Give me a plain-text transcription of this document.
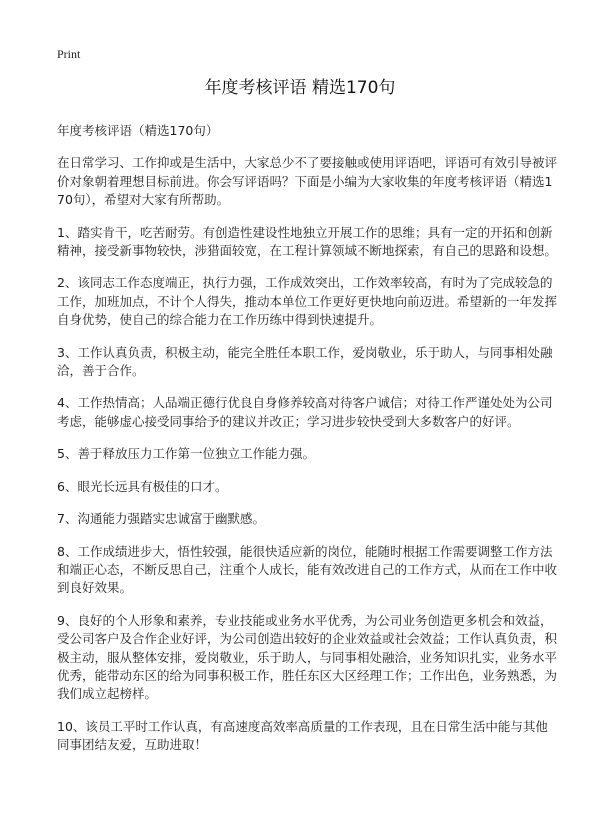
Print
年度考核评语 精选170句

年度考核评语（精选170句）

在日常学习、工作抑或是生活中，大家总少不了要接触或使用评语吧，评语可有效引导被评价对象朝着理想目标前进。你会写评语吗？下面是小编为大家收集的年度考核评语（精选170句），希望对大家有所帮助。

1、踏实肯干，吃苦耐劳。有创造性建设性地独立开展工作的思维；具有一定的开拓和创新精神，接受新事物较快，涉猎面较宽，在工程计算领域不断地探索，有自己的思路和设想。

2、该同志工作态度端正，执行力强，工作成效突出，工作效率较高，有时为了完成较急的工作，加班加点，不计个人得失，推动本单位工作更好更快地向前迈进。希望新的一年发挥自身优势，使自己的综合能力在工作历练中得到快速提升。

3、工作认真负责，积极主动，能完全胜任本职工作，爱岗敬业，乐于助人，与同事相处融洽，善于合作。

4、工作热情高；人品端正德行优良自身修养较高对待客户诚信；对待工作严谨处处为公司考虑，能够虚心接受同事给予的建议并改正；学习进步较快受到大多数客户的好评。

5、善于释放压力工作第一位独立工作能力强。

6、眼光长远具有极佳的口才。

7、沟通能力强踏实忠诚富于幽默感。

8、工作成绩进步大，悟性较强，能很快适应新的岗位，能随时根据工作需要调整工作方法和端正心态，不断反思自己，注重个人成长，能有效改进自己的工作方式，从而在工作中收到良好效果。

9、良好的个人形象和素养，专业技能或业务水平优秀，为公司业务创造更多机会和效益，受公司客户及合作企业好评，为公司创造出较好的企业效益或社会效益；工作认真负责，积极主动，服从整体安排，爱岗敬业，乐于助人，与同事相处融洽，业务知识扎实，业务水平优秀，能带动东区的给为同事积极工作，胜任东区大区经理工作；工作出色，业务熟悉，为我们成立起榜样。

10、该员工平时工作认真，有高速度高效率高质量的工作表现，且在日常生活中能与其他同事团结友爱，互助进取！
